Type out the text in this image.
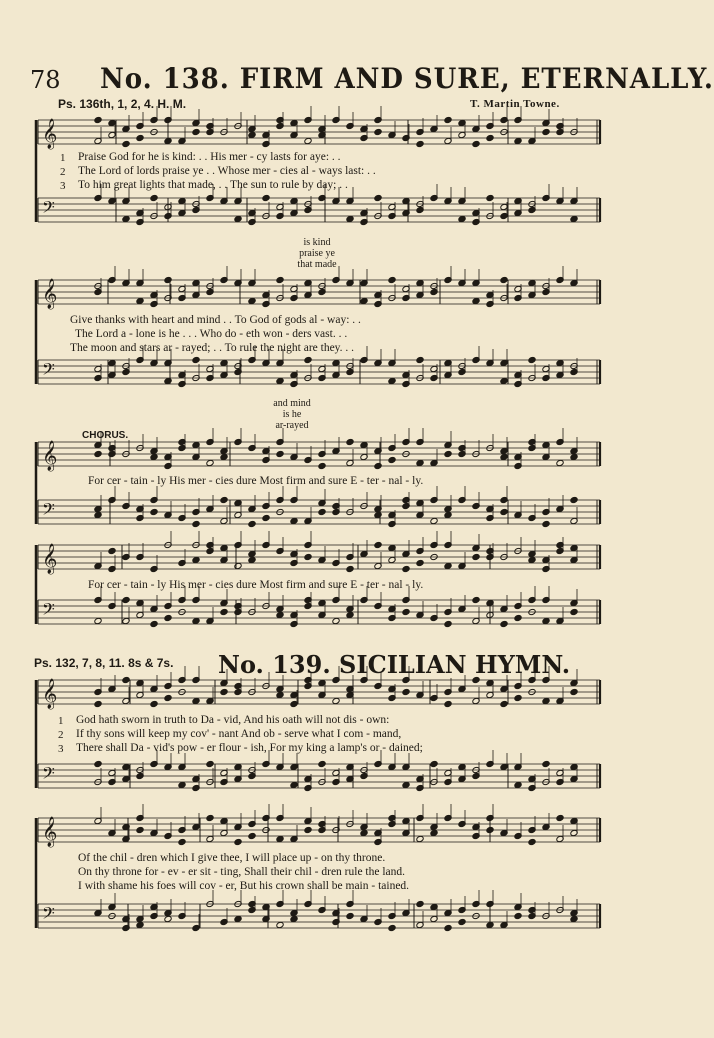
78 No. 138. FIRM AND SURE, ETERNALLY.
Ps. 136th, 1, 2, 4. H. M.	T. Martin Towne.
𝄞
𝄢
𝄞
𝄢
𝄞
𝄢
𝄞
𝄢
𝄞
𝄢
𝄞
𝄢
1 Praise God for he is kind: . . His mer - cy lasts for aye: . .
2 The Lord of lords praise ye . . Whose mer - cies al - ways last: . .
3 To him great lights that made, . . The sun to rule by day; . .
is kind
praise ye
that made
Give thanks with heart and mind . . To God of gods al - way: . .
The Lord a - lone is he . . . Who do - eth won - ders vast. . .
The moon and stars ar - rayed; . . To rule the night are they. . .
and mind
is he
ar-rayed
CHORUS.
For cer - tain - ly His mer - cies dure Most firm and sure E - ter - nal - ly.
For cer - tain - ly His mer - cies dure Most firm and sure E - ter - nal - ly.
Ps. 132, 7, 8, 11. 8s & 7s. No. 139. SICILIAN HYMN.
1 God hath sworn in truth to Da - vid, And his oath will not dis - own:
2 If thy sons will keep my cov' - nant And ob - serve what I com - mand,
3 There shall Da - vid's pow - er flour - ish, For my king a lamp's or - dained;
Of the chil - dren which I give thee, I will place up - on thy throne.
On thy throne for - ev - er sit - ting, Shall their chil - dren rule the land.
I with shame his foes will cov - er, But his crown shall be main - tained.
